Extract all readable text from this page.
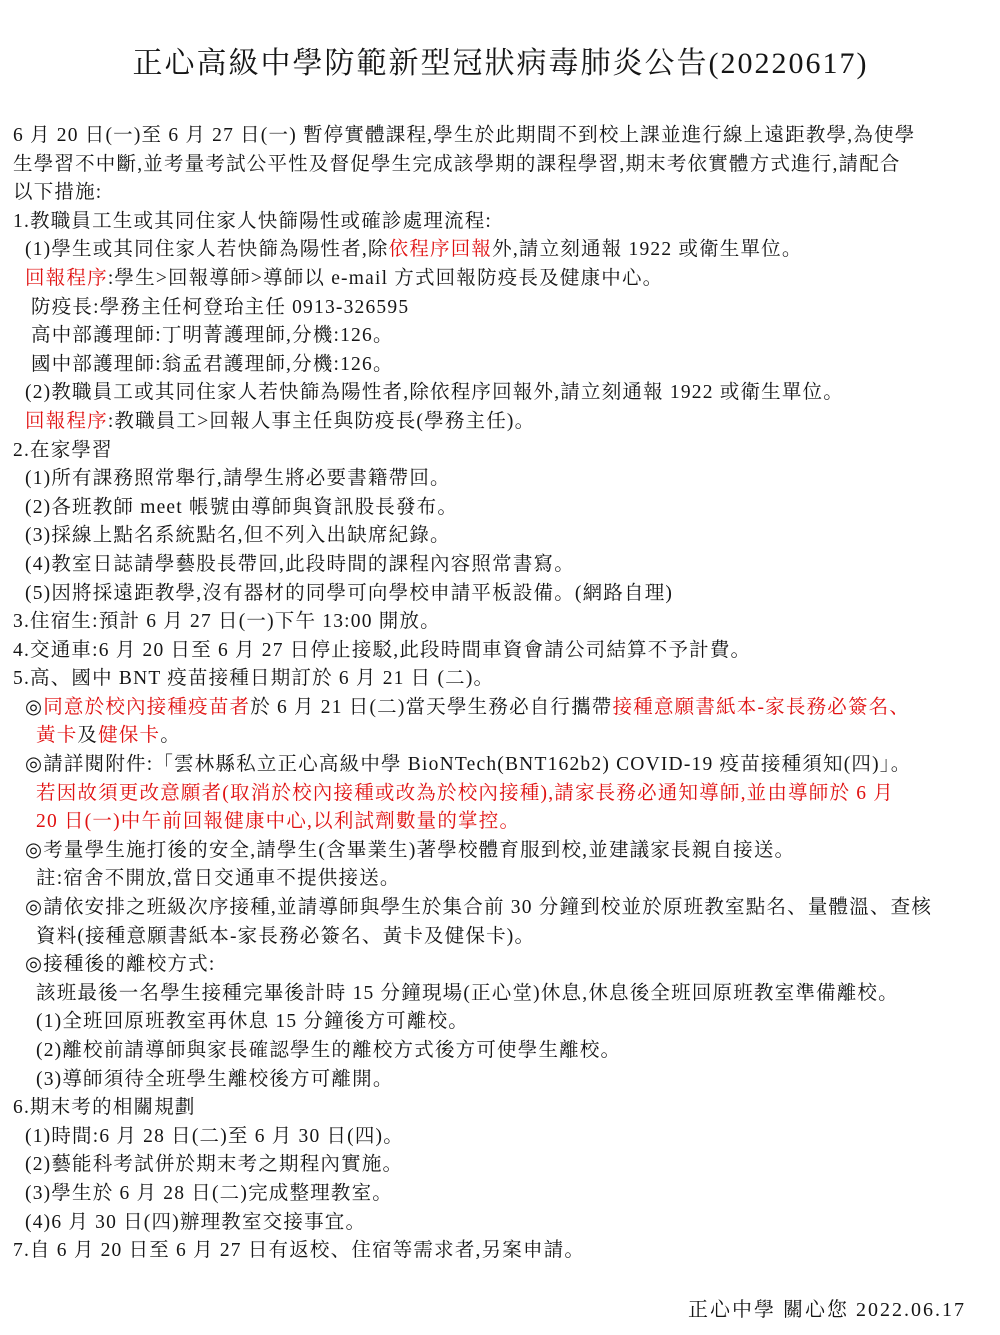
正心高級中學防範新型冠狀病毒肺炎公告(20220617)
6 月 20 日(一)至 6 月 27 日(一) 暫停實體課程,學生於此期間不到校上課並進行線上遠距教學,為使學
生學習不中斷,並考量考試公平性及督促學生完成該學期的課程學習,期末考依實體方式進行,請配合
以下措施:
1.教職員工生或其同住家人快篩陽性或確診處理流程:
(1)學生或其同住家人若快篩為陽性者,除依程序回報外,請立刻通報 1922 或衛生單位。
回報程序:學生>回報導師>導師以 e-mail 方式回報防疫長及健康中心。
防疫長:學務主任柯登珆主任 0913-326595
高中部護理師:丁明菁護理師,分機:126。
國中部護理師:翁孟君護理師,分機:126。
(2)教職員工或其同住家人若快篩為陽性者,除依程序回報外,請立刻通報 1922 或衛生單位。
回報程序:教職員工>回報人事主任與防疫長(學務主任)。
2.在家學習
(1)所有課務照常舉行,請學生將必要書籍帶回。
(2)各班教師 meet 帳號由導師與資訊股長發布。
(3)採線上點名系統點名,但不列入出缺席紀錄。
(4)教室日誌請學藝股長帶回,此段時間的課程內容照常書寫。
(5)因將採遠距教學,沒有器材的同學可向學校申請平板設備。(網路自理)
3.住宿生:預計 6 月 27 日(一)下午 13:00 開放。
4.交通車:6 月 20 日至 6 月 27 日停止接駁,此段時間車資會請公司結算不予計費。
5.高、國中 BNT 疫苗接種日期訂於 6 月 21 日 (二)。
◎同意於校內接種疫苗者於 6 月 21 日(二)當天學生務必自行攜帶接種意願書紙本-家長務必簽名、
黃卡及健保卡。
◎請詳閱附件:「雲林縣私立正心高級中學 BioNTech(BNT162b2) COVID-19 疫苗接種須知(四)」。
若因故須更改意願者(取消於校內接種或改為於校內接種),請家長務必通知導師,並由導師於 6 月
20 日(一)中午前回報健康中心,以利試劑數量的掌控。
◎考量學生施打後的安全,請學生(含畢業生)著學校體育服到校,並建議家長親自接送。
註:宿舍不開放,當日交通車不提供接送。
◎請依安排之班級次序接種,並請導師與學生於集合前 30 分鐘到校並於原班教室點名、量體溫、查核
資料(接種意願書紙本-家長務必簽名、黃卡及健保卡)。
◎接種後的離校方式:
該班最後一名學生接種完畢後計時 15 分鐘現場(正心堂)休息,休息後全班回原班教室準備離校。
(1)全班回原班教室再休息 15 分鐘後方可離校。
(2)離校前請導師與家長確認學生的離校方式後方可使學生離校。
(3)導師須待全班學生離校後方可離開。
6.期末考的相關規劃
(1)時間:6 月 28 日(二)至 6 月 30 日(四)。
(2)藝能科考試併於期末考之期程內實施。
(3)學生於 6 月 28 日(二)完成整理教室。
(4)6 月 30 日(四)辦理教室交接事宜。
7.自 6 月 20 日至 6 月 27 日有返校、住宿等需求者,另案申請。
正心中學 關心您 2022.06.17
